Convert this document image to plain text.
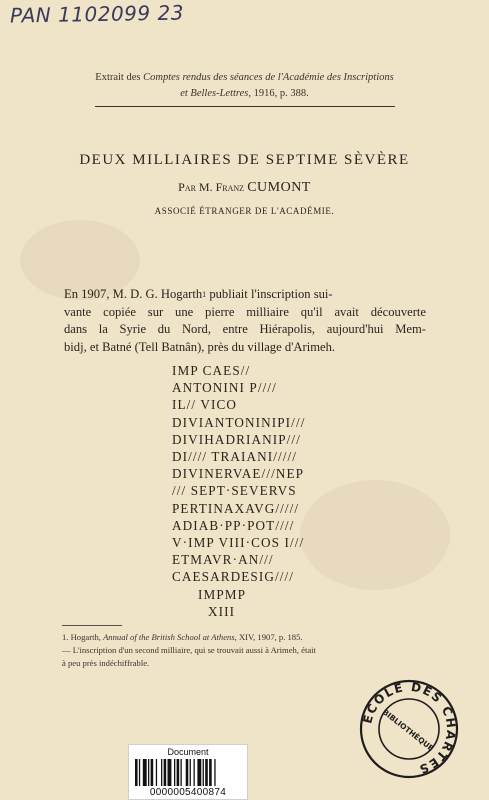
PAN 1102099 23
Extrait des Comptes rendus des séances de l'Académie des Inscriptions
et Belles-Lettres, 1916, p. 388.
DEUX MILLIAIRES DE SEPTIME SÈVÈRE
Par M. Franz CUMONT
ASSOCIÉ ÉTRANGER DE L'ACADÉMIE.
En 1907, M. D. G. Hogarth$^1$ publiait l'inscription sui-
vante copiée sur une pierre milliaire qu'il avait découverte
dans la Syrie du Nord, entre Hiérapolis, aujourd'hui Mem-
bidj, et Batné (Tell Batnân), près du village d'Arimeh.
IMP CAES//
ANTONINI P////
IL// VICO
DIVIANTONINIPI///
DIVIHADRIANIP///
DI//// TRAIANI/////
DIVINERVAE///NEP
/// SEPT·SEVERVS
PERTINAXAVG/////
ADIAB·PP·POT////
V·IMP VIII·COS I///
ETMAVR·AN///
CAESARDESIG////
IMPMP
XIII
1. Hogarth, Annual of the British School at Athens, XIV, 1907, p. 185.
— L'inscription d'un second milliaire, qui se trouvait aussi à Arimeh, était
à peu près indéchiffrable.
ÉCOLE DES CHARTES
BIBLIOTHÈQUE
Document
0000005400874
